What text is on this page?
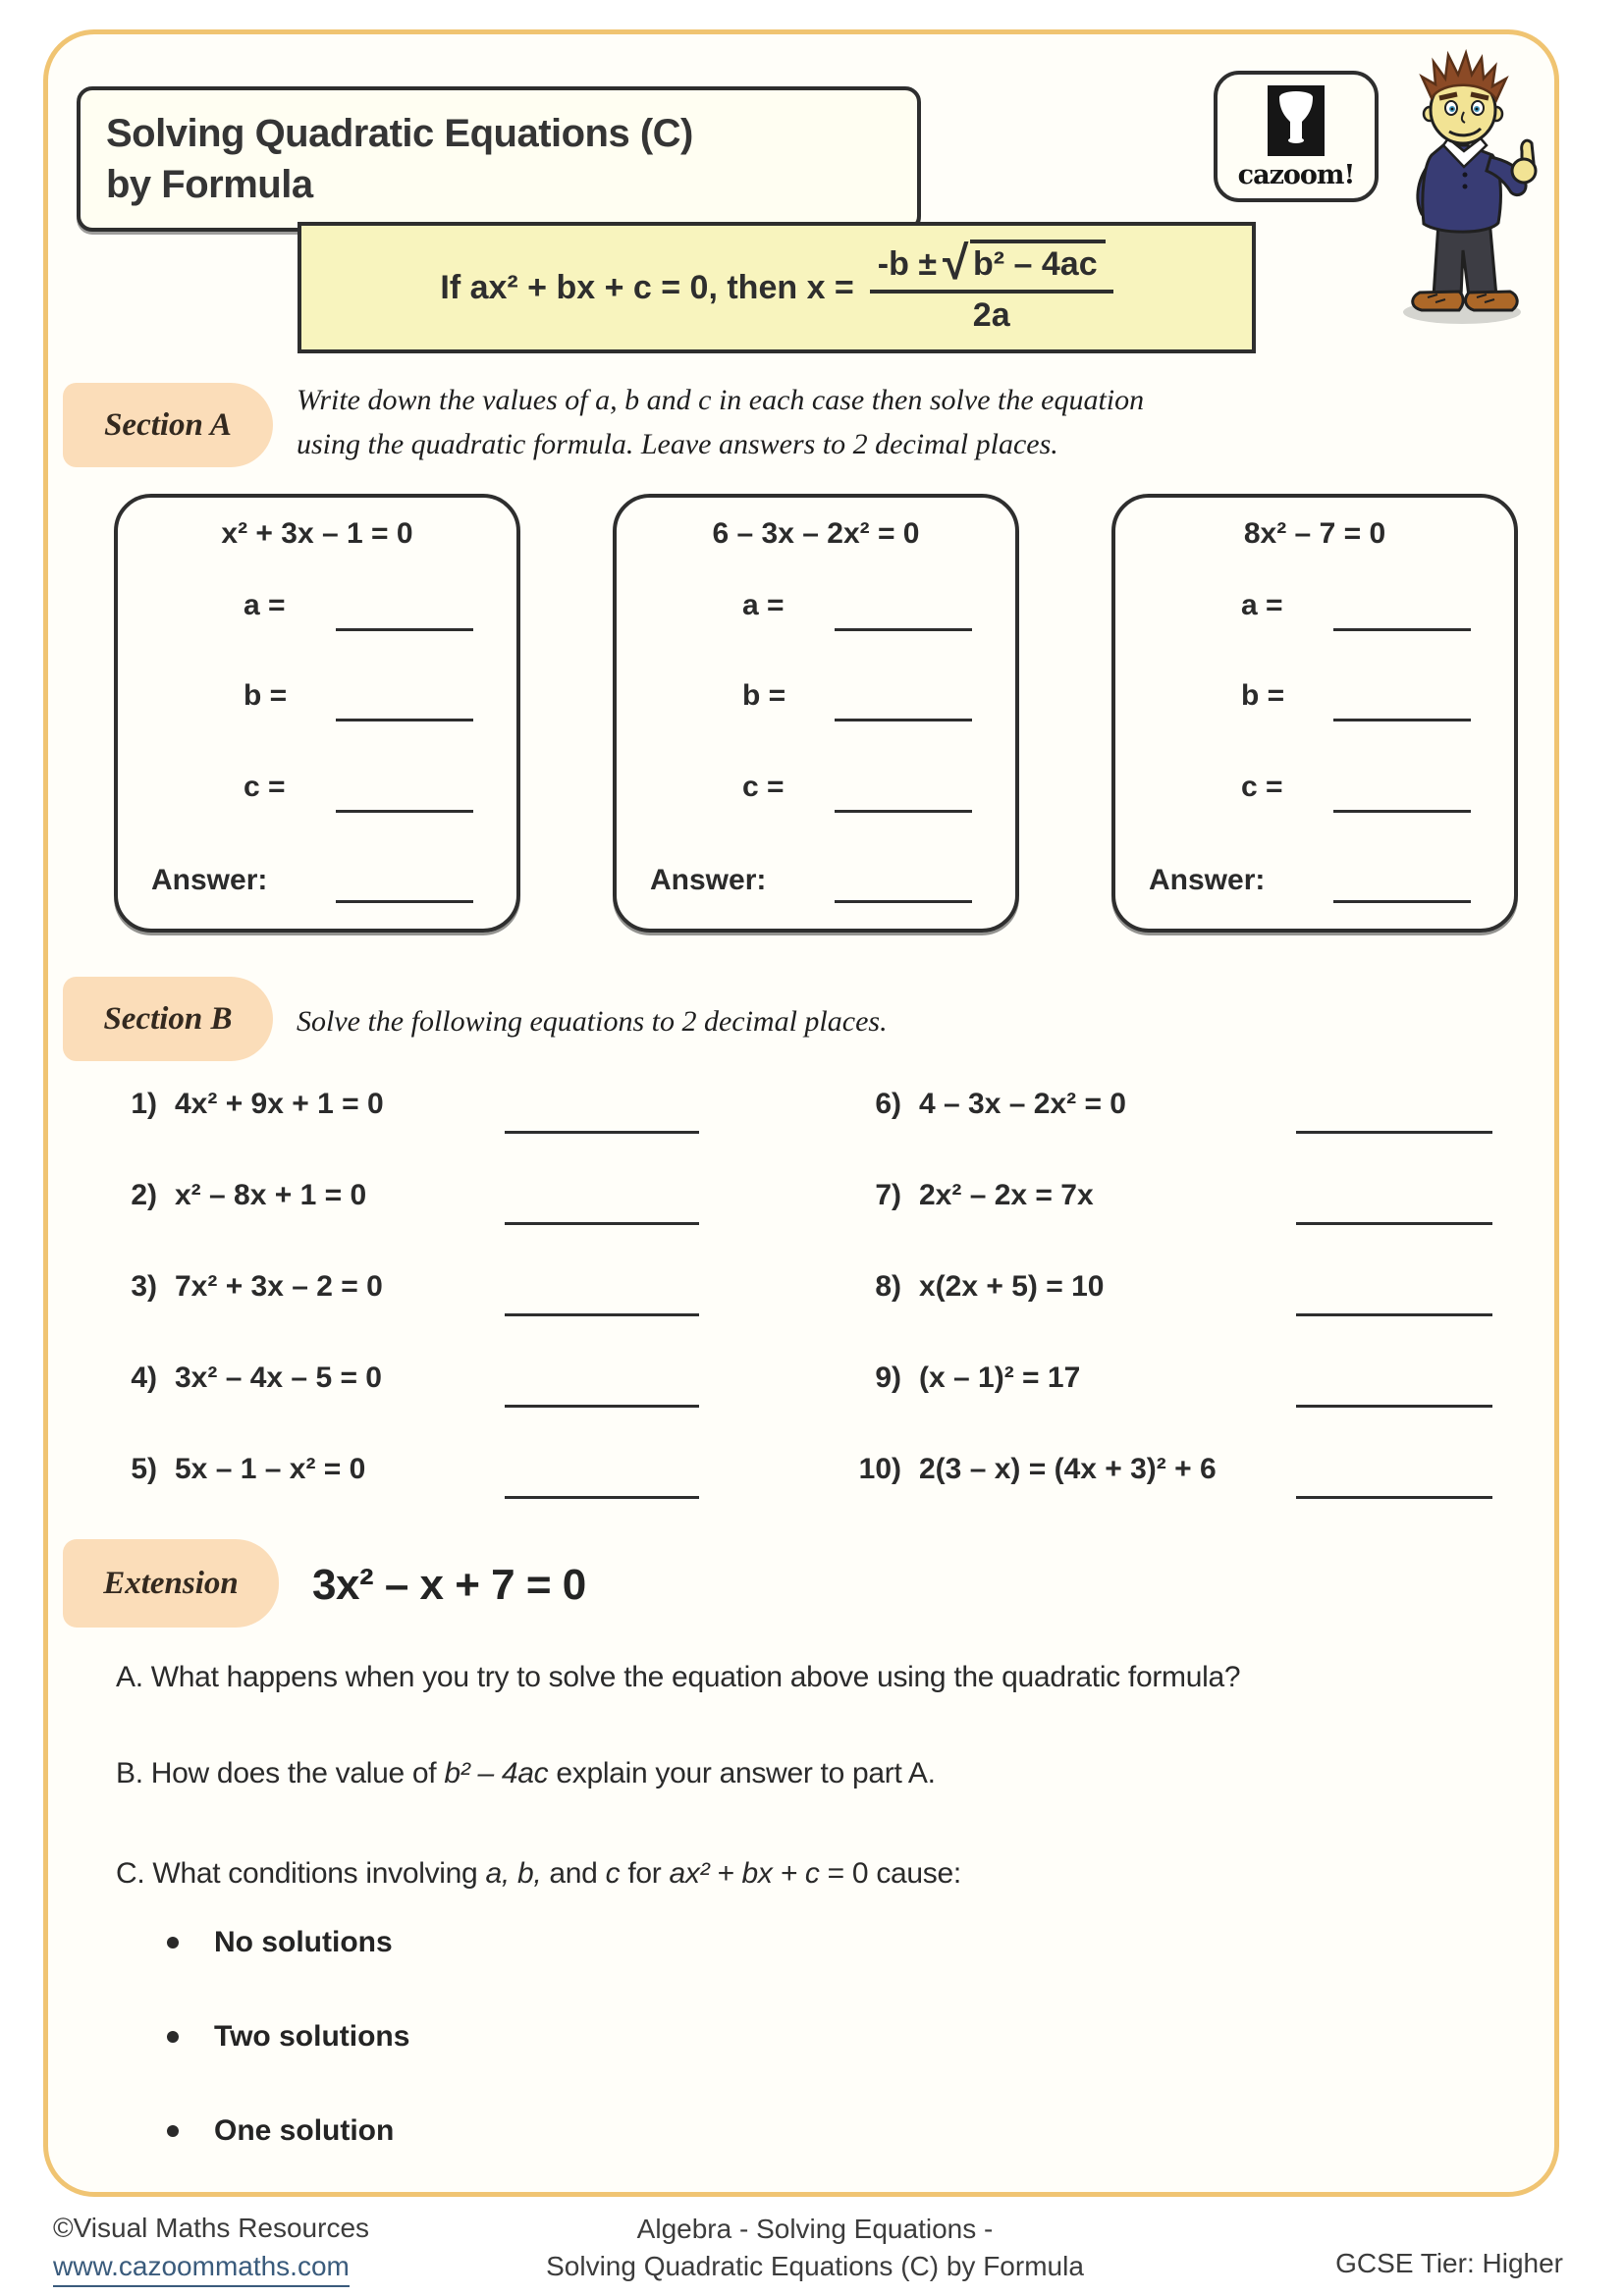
Solving Quadratic Equations (C)
by Formula	cazoom!
If ax² + bx + c = 0, then $x = \frac{\text{-b ± √ b² – 4ac}}{2a}$
Section A
Write down the values of a, b and c in each case then solve the equation
using the quadratic formula. Leave answers to 2 decimal places.
x² + 3x – 1 = 0
a =
b =
c =
Answer:
6 – 3x – 2x² = 0
a =
b =
c =
Answer:
8x² – 7 = 0
a =
b =
c =
Answer:
Section B	Solve the following equations to 2 decimal places.
1) 4x² + 9x + 1 = 0
2) x² – 8x + 1 = 0
3) 7x² + 3x – 2 = 0
4) 3x² – 4x – 5 = 0
5) 5x – 1 – x² = 0
6) 4 – 3x – 2x² = 0
7) 2x² – 2x = 7x
8) x(2x + 5) = 10
9) (x – 1)² = 17
10) 2(3 – x) = (4x + 3)² + 6
Extension	3x² – x + 7 = 0
A. What happens when you try to solve the equation above using the quadratic formula?
B. How does the value of b² – 4ac explain your answer to part A.
C. What conditions involving a, b, and c for ax² + bx + c = 0 cause:
No solutions
Two solutions
One solution
©Visual Maths Resources
www.cazoommaths.com
Algebra - Solving Equations -
Solving Quadratic Equations (C) by Formula	GCSE Tier: Higher
